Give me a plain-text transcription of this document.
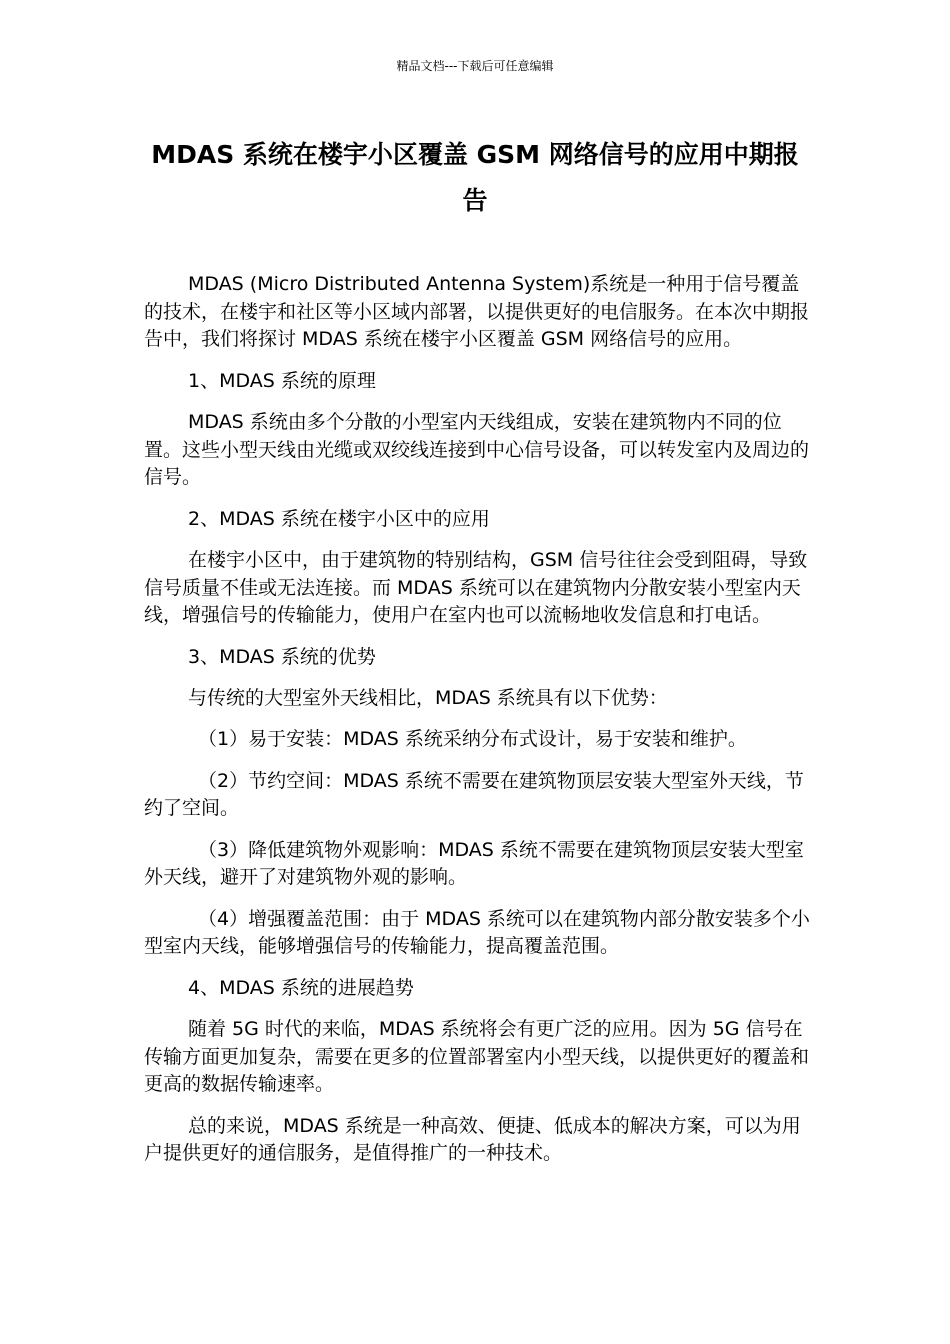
精品文档---下载后可任意编辑
MDAS 系统在楼宇小区覆盖 GSM 网络信号的应用中期报告

MDAS (Micro Distributed Antenna System)系统是一种用于信号覆盖的技术，在楼宇和社区等小区域内部署，以提供更好的电信服务。在本次中期报告中，我们将探讨 MDAS 系统在楼宇小区覆盖 GSM 网络信号的应用。

1、MDAS 系统的原理

MDAS 系统由多个分散的小型室内天线组成，安装在建筑物内不同的位置。这些小型天线由光缆或双绞线连接到中心信号设备，可以转发室内及周边的信号。

2、MDAS 系统在楼宇小区中的应用

在楼宇小区中，由于建筑物的特别结构，GSM 信号往往会受到阻碍，导致信号质量不佳或无法连接。而 MDAS 系统可以在建筑物内分散安装小型室内天线，增强信号的传输能力，使用户在室内也可以流畅地收发信息和打电话。

3、MDAS 系统的优势

与传统的大型室外天线相比，MDAS 系统具有以下优势：

（1）易于安装：MDAS 系统采纳分布式设计，易于安装和维护。

（2）节约空间：MDAS 系统不需要在建筑物顶层安装大型室外天线，节约了空间。

（3）降低建筑物外观影响：MDAS 系统不需要在建筑物顶层安装大型室外天线，避开了对建筑物外观的影响。

（4）增强覆盖范围：由于 MDAS 系统可以在建筑物内部分散安装多个小型室内天线，能够增强信号的传输能力，提高覆盖范围。

4、MDAS 系统的进展趋势

随着 5G 时代的来临，MDAS 系统将会有更广泛的应用。因为 5G 信号在传输方面更加复杂，需要在更多的位置部署室内小型天线，以提供更好的覆盖和更高的数据传输速率。

总的来说，MDAS 系统是一种高效、便捷、低成本的解决方案，可以为用户提供更好的通信服务，是值得推广的一种技术。
